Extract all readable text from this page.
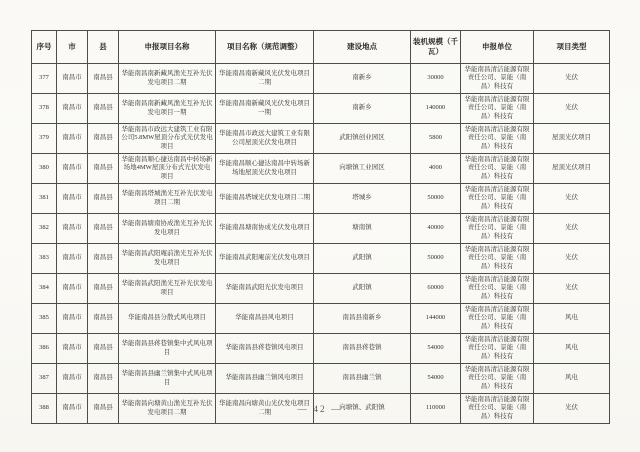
序号	市	县	申报项目名称	项目名称（规范调整）	建设地点	装机规模（千瓦）	申报单位	项目类型
377	南昌市	南昌县	华能南昌南新藏风渔光互补光伏发电项目二期	华能南昌南新藏风光伏发电项目二期	南新乡	30000	华能南昌清洁能源有限责任公司、景能（南昌）科技有	光伏
378	南昌市	南昌县	华能南昌南新藏风渔光互补光伏发电项目一期	华能南昌南新藏风光伏发电项目一期	南新乡	140000	华能南昌清洁能源有限责任公司、景能（南昌）科技有	光伏
379	南昌市	南昌县	华能南昌市政远大建筑工业有限公司5.8MW屋顶分布式光伏发电项目	华能南昌市政远大建筑工业有限公司屋顶光伏发电项目	武阳镇创业园区	5800	华能南昌清洁能源有限责任公司、景能（南昌）科技有	屋顶光伏项目
380	南昌市	南昌县	华能南昌顺心捷达南昌中转场新场地4MW屋顶分布式光伏发电项目	华能南昌顺心捷达南昌中转场新场地屋顶光伏发电项目	向塘镇工业园区	4000	华能南昌清洁能源有限责任公司、景能（南昌）科技有	屋顶光伏项目
381	南昌市	南昌县	华能南昌塔城渔光互补光伏发电项目二期	华能南昌塔城光伏发电项目二期	塔城乡	50000	华能南昌清洁能源有限责任公司、景能（南昌）科技有	光伏
382	南昌市	南昌县	华能南昌塘南协成渔光互补光伏发电项目	华能南昌塘南协成光伏发电项目	塘南镇	40000	华能南昌清洁能源有限责任公司、景能（南昌）科技有	光伏
383	南昌市	南昌县	华能南昌武阳庵前渔光互补光伏发电项目	华能南昌武阳庵前光伏发电项目	武阳镇	50000	华能南昌清洁能源有限责任公司、景能（南昌）科技有	光伏
384	南昌市	南昌县	华能南昌武阳渔光互补光伏发电项目	华能南昌武阳光伏发电项目	武阳镇	60000	华能南昌清洁能源有限责任公司、景能（南昌）科技有	光伏
385	南昌市	南昌县	华能南昌县分散式风电项目	华能南昌县风电项目	南昌县南新乡	144000	华能南昌清洁能源有限责任公司、景能（南昌）科技有	风电
386	南昌市	南昌县	华能南昌县蒋巷镇集中式风电项目	华能南昌县蒋巷镇风电项目	南昌县蒋巷镇	54000	华能南昌清洁能源有限责任公司、景能（南昌）科技有	风电
387	南昌市	南昌县	华能南昌县幽兰镇集中式风电项目	华能南昌县幽兰镇风电项目	南昌县幽兰镇	54000	华能南昌清洁能源有限责任公司、景能（南昌）科技有	风电
388	南昌市	南昌县	华能南昌向塘黄山渔光互补光伏发电项目二期	华能南昌向塘黄山光伏发电项目二期	向塘镇、武阳镇	110000	华能南昌清洁能源有限责任公司、景能（南昌）科技有	光伏
— 42 —
